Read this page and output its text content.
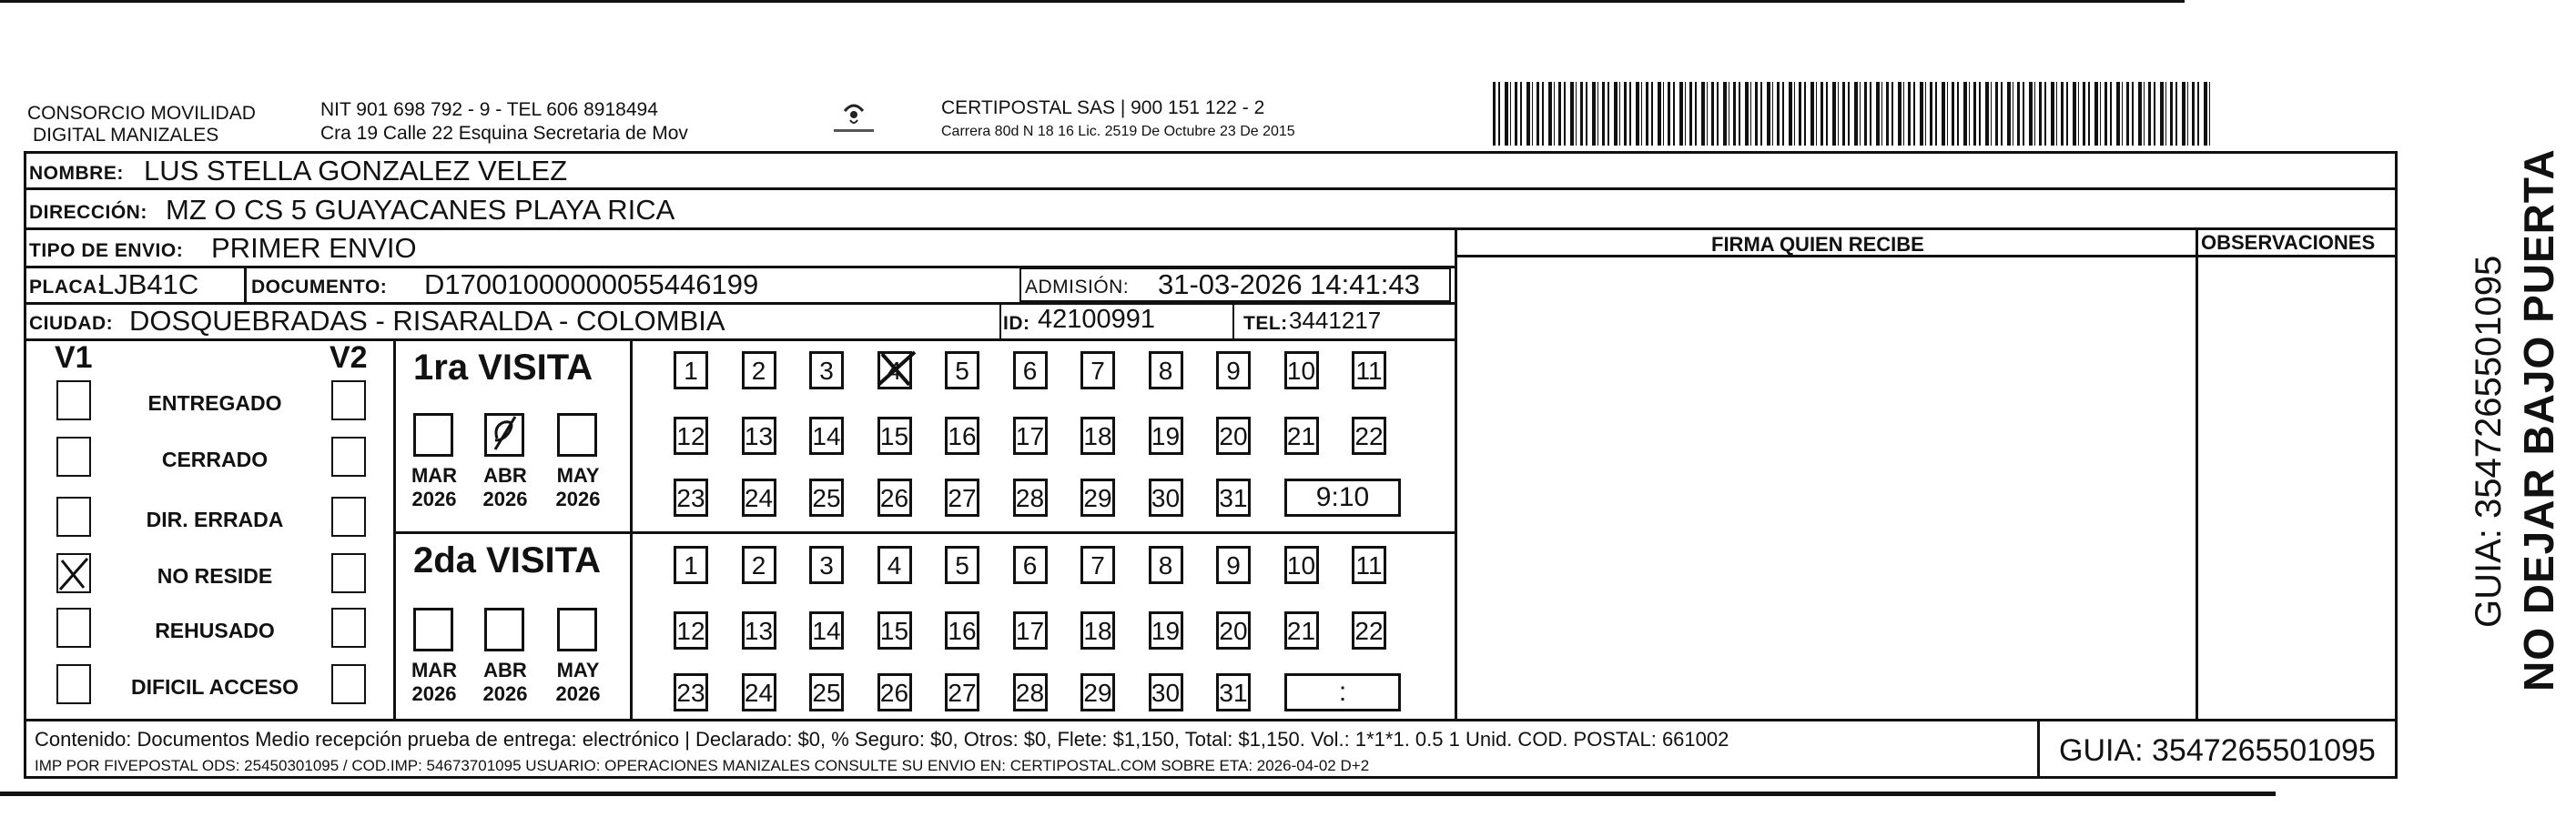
CONSORCIO MOVILIDAD
DIGITAL MANIZALES
NIT 901 698 792 - 9 - TEL 606 8918494
Cra 19 Calle 22 Esquina Secretaria de Mov
CERTIPOSTAL SAS | 900 151 122 - 2
Carrera 80d N 18 16 Lic. 2519 De Octubre 23 De 2015
NOMBRE: LUS STELLA GONZALEZ VELEZ
DIRECCIÓN: MZ O CS 5 GUAYACANES PLAYA RICA
TIPO DE ENVIO: PRIMER ENVIO	FIRMA QUIEN RECIBE	OBSERVACIONES
PLACA:
LJB41C	DOCUMENTO: D17001000000055446199	ADMISIÓN: 31-03-2026 14:41:43
CIUDAD: DOSQUEBRADAS - RISARALDA - COLOMBIA	ID: 42100991	TEL: 3441217
V1	V2 1ra VISITA
2da VISITA
Contenido: Documentos Medio recepción prueba de entrega: electrónico | Declarado: $0, % Seguro: $0, Otros: $0, Flete: $1,150, Total: $1,150. Vol.: 1*1*1. 0.5 1 Unid. COD. POSTAL: 661002
IMP POR FIVEPOSTAL ODS: 25450301095 / COD.IMP: 54673701095 USUARIO: OPERACIONES MANIZALES CONSULTE SU ENVIO EN: CERTIPOSTAL.COM SOBRE ETA: 2026-04-02 D+2	GUIA: 3547265501095
NO DEJAR BAJO PUERTA
GUIA: 3547265501095
ENTREGADO
CERRADO
DIR. ERRADA
NO RESIDE
REHUSADO
DIFICIL ACCESO
MAR
2026
ABR
2026
MAY
2026
MAR
2026
ABR
2026
MAY
2026
1	2	3	4	5	6	7	8	9	10 11
12 13 14 15 16 17 18 19 20 21 22
23 24 25 26 27 28 29 30 31	9:10
1	2	3	4	5	6	7	8	9	10 11
12 13 14 15 16 17 18 19 20 21 22
23 24 25 26 27 28 29 30 31	:
